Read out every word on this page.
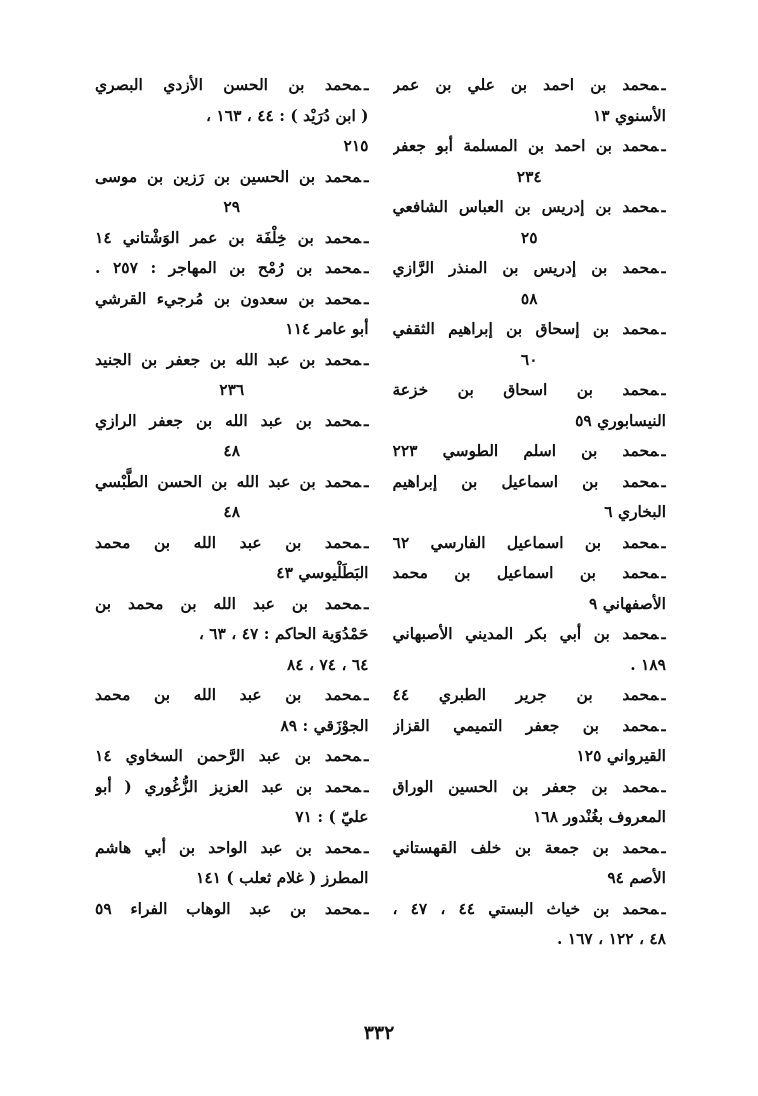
ـمحمد بن احمد بن علي بن عمر
الأسنوي ١٣
ـمحمد بن احمد بن المسلمة أبو جعفر
٢٣٤
ـمحمد بن إدريس بن العباس الشافعي
٢٥
ـمحمد بن إدريس بن المنذر الرَّازي
٥٨
ـمحمد بن إسحاق بن إبراهيم الثقفي
٦٠
ـمحمد بن اسحاق بن خزعة
النيسابوري ٥٩
ـمحمد بن اسلم الطوسي ٢٢٣
ـمحمد بن اسماعيل بن إبراهيم
البخاري ٦
ـمحمد بن اسماعيل الفارسي ٦٢
ـمحمد بن اسماعيل بن محمد
الأصفهاني ٩
ـمحمد بن أبي بكر المديني الأصبهاني
١٨٩ .
ـمحمد بن جرير الطبري ٤٤
ـمحمد بن جعفر التميمي القزاز
القيرواني ١٢٥
ـمحمد بن جعفر بن الحسين الوراق
المعروف بغُنْدور ١٦٨
ـمحمد بن جمعة بن خلف القهستاني
الأصم ٩٤
ـمحمد بن خياث البستي ٤٤ ، ٤٧ ،
٤٨ ، ١٢٢ ، ١٦٧ .
ـمحمد بن الحسن الأزدي البصري
( ابن دُرَيْد ) : ٤٤ ، ١٦٣ ،
٢١٥
ـمحمد بن الحسين بن رَزين بن موسى
٢٩
ـمحمد بن خِلْفَة بن عمر الوَشْتاني ١٤
ـمحمد بن رُمْح بن المهاجر : ٢٥٧ .
ـمحمد بن سعدون بن مُرجيء القرشي
أبو عامر ١١٤
ـمحمد بن عبد الله بن جعفر بن الجنيد
٢٣٦
ـمحمد بن عبد الله بن جعفر الرازي
٤٨
ـمحمد بن عبد الله بن الحسن الطَّبْسي
٤٨
ـمحمد بن عبد الله بن محمد
البَطَلْيوسي ٤٣
ـمحمد بن عبد الله بن محمد بن
حَمْدُوَية الحاكم : ٤٧ ، ٦٣ ،
٦٤ ، ٧٤ ، ٨٤
ـمحمد بن عبد الله بن محمد
الجوْزَقي : ٨٩
ـمحمد بن عبد الرَّحمن السخاوي ١٤
ـمحمد بن عبد العزيز الزُّغُوري ( أبو
عليّ ) : ٧١
ـمحمد بن عبد الواحد بن أبي هاشم
المطرز ( غلام ثعلب ) ١٤١
ـمحمد بن عبد الوهاب الفراء ٥٩
٣٣٢
